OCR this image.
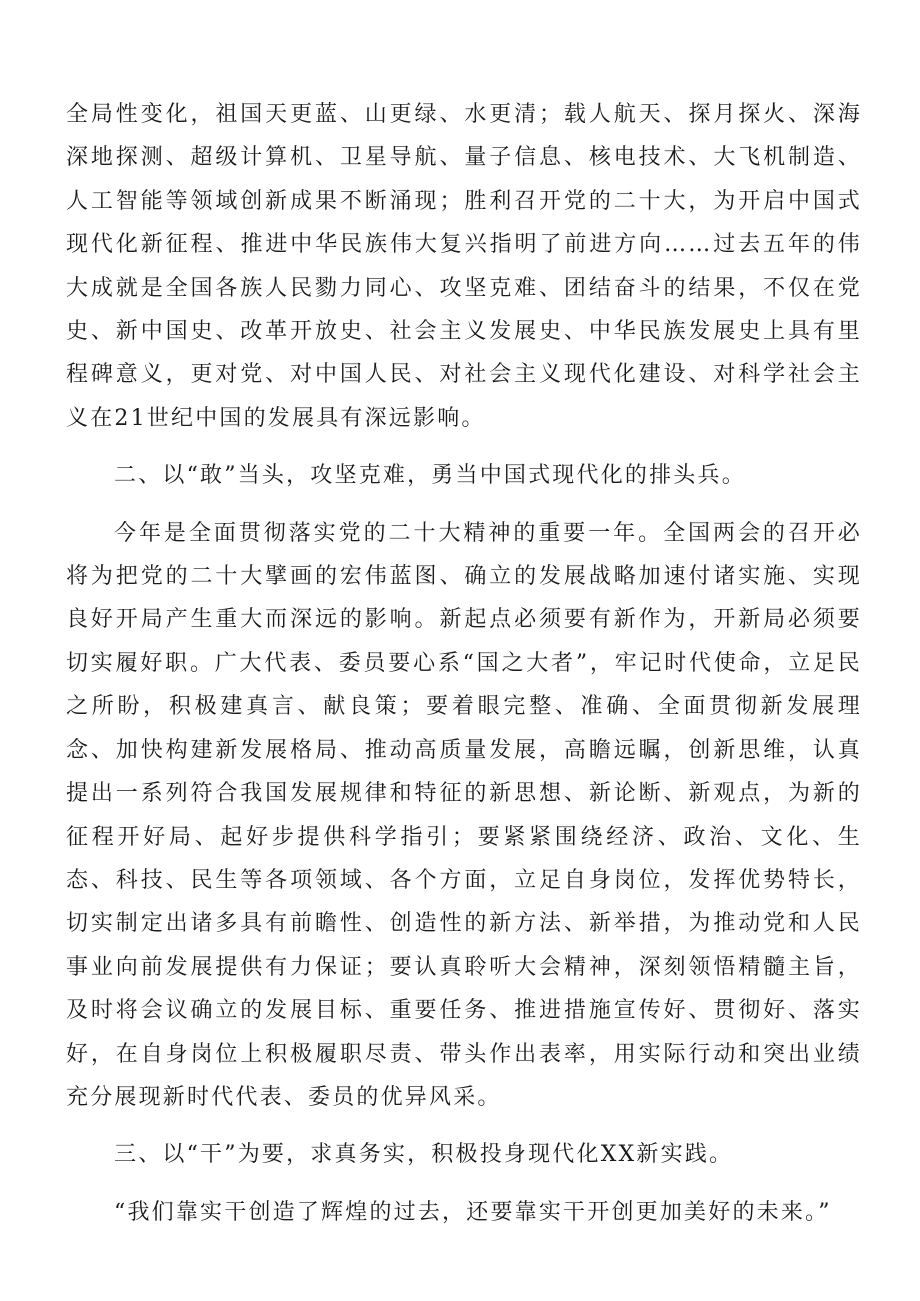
全局性变化，祖国天更蓝、山更绿、水更清；载人航天、探月探火、深海深地探测、超级计算机、卫星导航、量子信息、核电技术、大飞机制造、人工智能等领域创新成果不断涌现；胜利召开党的二十大，为开启中国式现代化新征程、推进中华民族伟大复兴指明了前进方向……过去五年的伟大成就是全国各族人民勠力同心、攻坚克难、团结奋斗的结果，不仅在党史、新中国史、改革开放史、社会主义发展史、中华民族发展史上具有里程碑意义，更对党、对中国人民、对社会主义现代化建设、对科学社会主义在21世纪中国的发展具有深远影响。

二、以“敢”当头，攻坚克难，勇当中国式现代化的排头兵。

今年是全面贯彻落实党的二十大精神的重要一年。全国两会的召开必将为把党的二十大擘画的宏伟蓝图、确立的发展战略加速付诸实施、实现良好开局产生重大而深远的影响。新起点必须要有新作为，开新局必须要切实履好职。广大代表、委员要心系“国之大者”，牢记时代使命，立足民之所盼，积极建真言、献良策；要着眼完整、准确、全面贯彻新发展理念、加快构建新发展格局、推动高质量发展，高瞻远瞩，创新思维，认真提出一系列符合我国发展规律和特征的新思想、新论断、新观点，为新的征程开好局、起好步提供科学指引；要紧紧围绕经济、政治、文化、生态、科技、民生等各项领域、各个方面，立足自身岗位，发挥优势特长，切实制定出诸多具有前瞻性、创造性的新方法、新举措，为推动党和人民事业向前发展提供有力保证；要认真聆听大会精神，深刻领悟精髓主旨，及时将会议确立的发展目标、重要任务、推进措施宣传好、贯彻好、落实好，在自身岗位上积极履职尽责、带头作出表率，用实际行动和突出业绩充分展现新时代代表、委员的优异风采。

三、以“干”为要，求真务实，积极投身现代化XX新实践。

“我们靠实干创造了辉煌的过去，还要靠实干开创更加美好的未来。”
